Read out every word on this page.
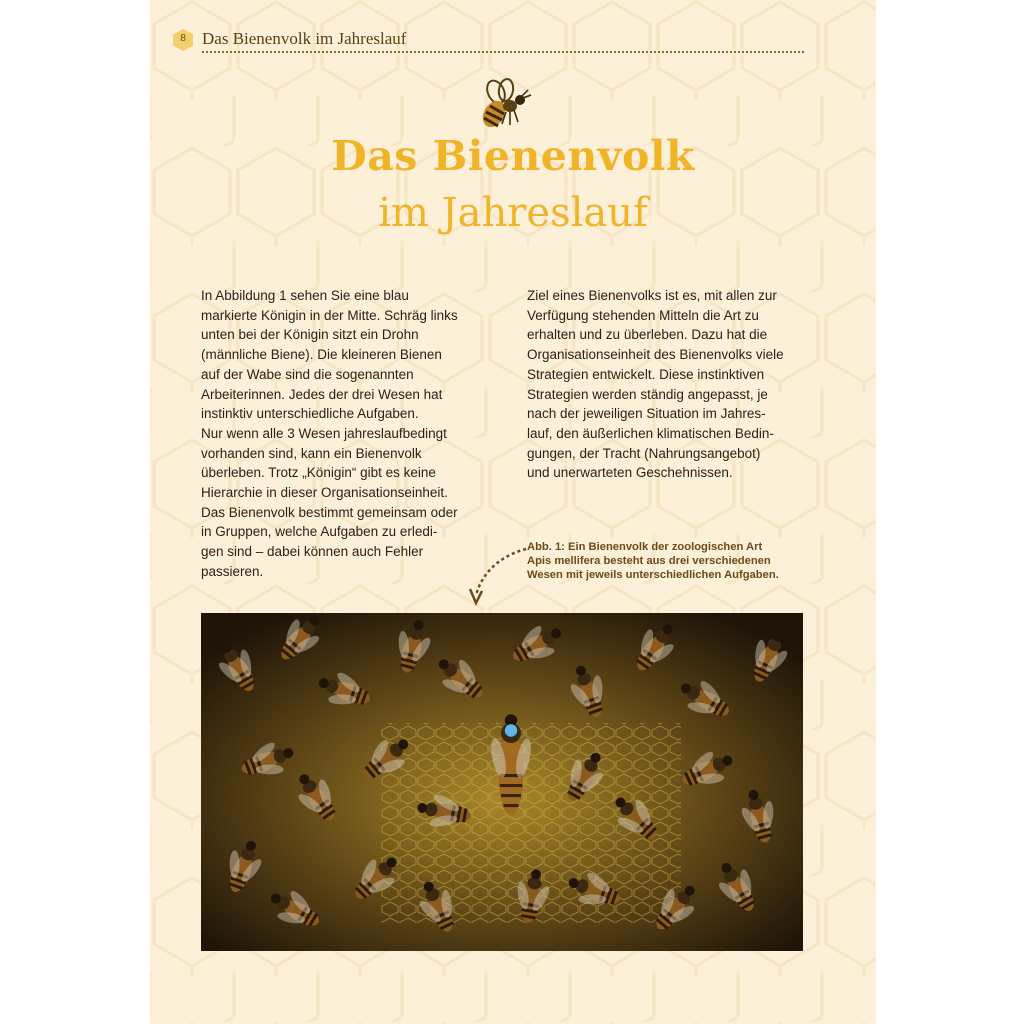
8 Das Bienenvolk im Jahreslauf
Das Bienenvolk
im Jahreslauf
In Abbildung 1 sehen Sie eine blau
markierte Königin in der Mitte. Schräg links
unten bei der Königin sitzt ein Drohn
(männliche Biene). Die kleineren Bienen
auf der Wabe sind die sogenannten
Arbeiterinnen. Jedes der drei Wesen hat
instinktiv unterschiedliche Aufgaben.
Nur wenn alle 3 Wesen jahreslaufbedingt
vorhanden sind, kann ein Bienenvolk
überleben. Trotz „Königin“ gibt es keine
Hierarchie in dieser Organisationseinheit.
Das Bienenvolk bestimmt gemeinsam oder
in Gruppen, welche Aufgaben zu erledi-
gen sind – dabei können auch Fehler
passieren.
Ziel eines Bienenvolks ist es, mit allen zur
Verfügung stehenden Mitteln die Art zu
erhalten und zu überleben. Dazu hat die
Organisationseinheit des Bienenvolks viele
Strategien entwickelt. Diese instinktiven
Strategien werden ständig angepasst, je
nach der jeweiligen Situation im Jahres-
lauf, den äußerlichen klimatischen Bedin-
gungen, der Tracht (Nahrungsangebot)
und unerwarteten Geschehnissen.
Abb. 1: Ein Bienenvolk der zoologischen Art
Apis mellifera besteht aus drei verschiedenen
Wesen mit jeweils unterschiedlichen Aufgaben.
